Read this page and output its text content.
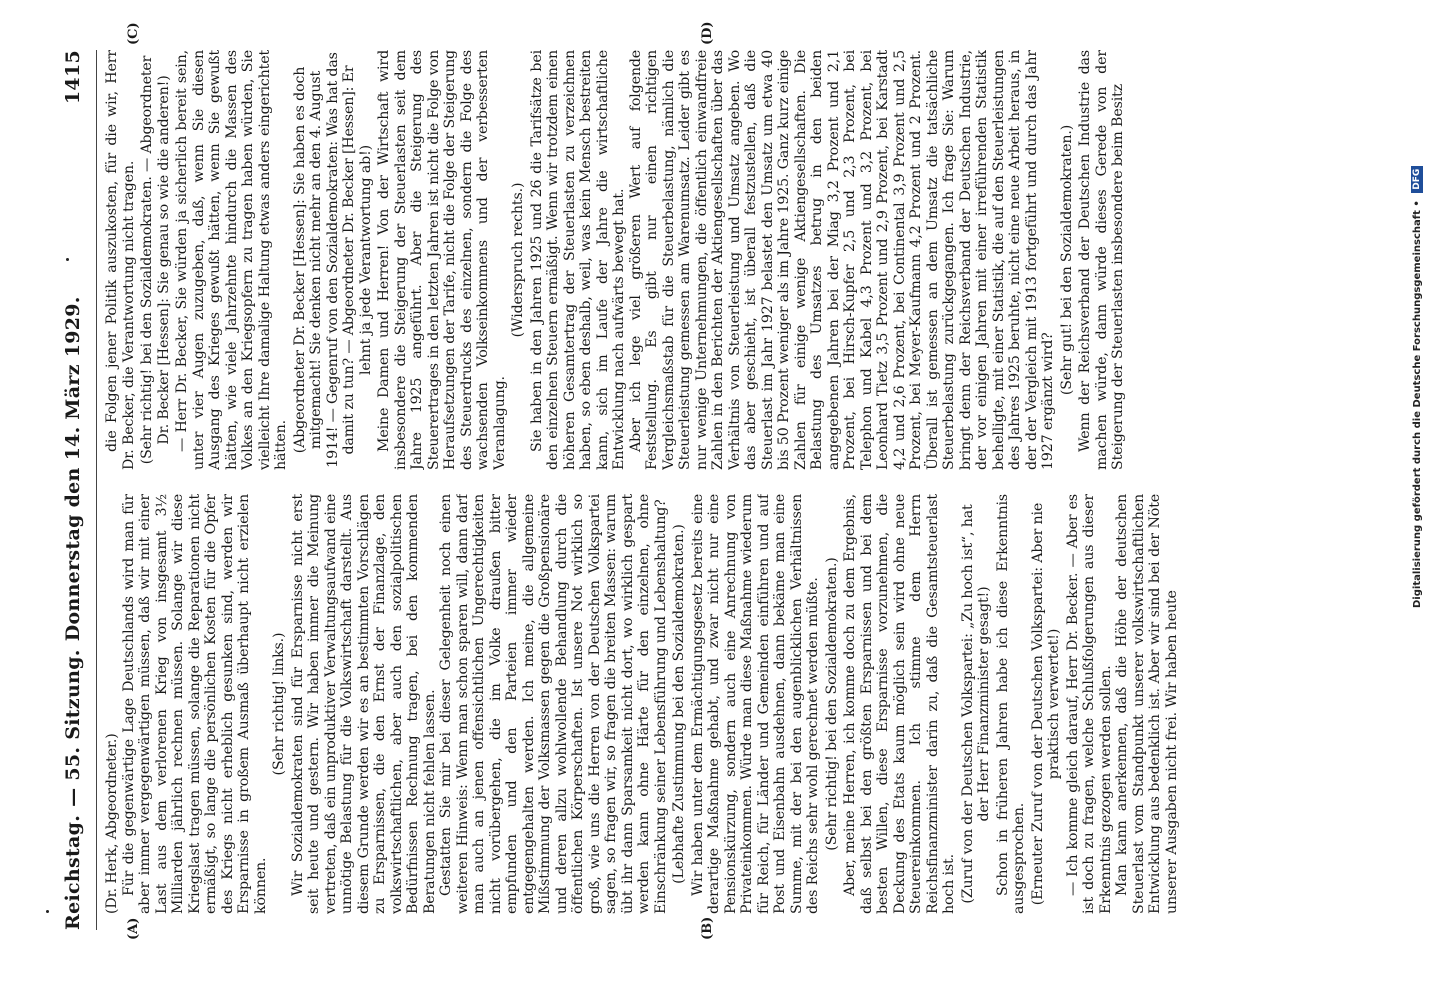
Reichstag.
— 55. Sitzung.
Donnerstag den 14. März 1929.
1415
(A)	(B)
(C)	(D)

(Dr. Herk, Abgeordneter.) Für die gegenwärtige Lage Deutschlands wird man für aber immer vergegenwärtigen müssen, daß wir mit einer Last aus dem verlorenen Krieg von insgesamt 3½ Milliarden jährlich rechnen müssen. Solange wir diese Kriegslast tragen müssen, solange die Reparationen nicht ermäßigt, so lange die persönlichen Kosten für die Opfer des Kriegs nicht erheblich gesunken sind, werden wir Ersparnisse in großem Ausmaß überhaupt nicht erzielen können.

(Sehr richtig! links.) Wir Sozialdemokraten sind für Ersparnisse nicht erst seit heute und gestern. Wir haben immer die Meinung vertreten, daß ein unproduktiver Verwaltungsaufwand eine unnötige Belastung für die Volkswirtschaft darstellt. Aus diesem Grunde werden wir es an bestimmten Vorschlägen zu Ersparnissen, die den Ernst der Finanzlage, den volkswirtschaftlichen, aber auch den sozialpolitischen Bedürfnissen Rechnung tragen, bei den kommenden Beratungen nicht fehlen lassen. Gestatten Sie mir bei dieser Gelegenheit noch einen weiteren Hinweis: Wenn man schon sparen will, dann darf man auch an jenen offensichtlichen Ungerechtigkeiten nicht vorübergehen, die im Volke draußen bitter empfunden und den Parteien immer wieder entgegengehalten werden. Ich meine, die allgemeine Mißstimmung der Volksmassen gegen die Großpensionäre und deren allzu wohlwollende Behandlung durch die öffentlichen Körperschaften. Ist unsere Not wirklich so groß, wie uns die Herren von der Deutschen Volkspartei sagen, so fragen wir, so fragen die breiten Massen: warum übt ihr dann Sparsamkeit nicht dort, wo wirklich gespart werden kann ohne Härte für den einzelnen, ohne Einschränkung seiner Lebensführung und Lebenshaltung? (Lebhafte Zustimmung bei den Sozialdemokraten.) Wir haben unter dem Ermächtigungsgesetz bereits eine derartige Maßnahme gehabt, und zwar nicht nur eine Pensionskürzung, sondern auch eine Anrechnung von Privateinkommen. Würde man diese Maßnahme wiederum für Reich, für Länder und Gemeinden einführen und auf Post und Eisenbahn ausdehnen, dann bekäme man eine Summe, mit der bei den augenblicklichen Verhältnissen des Reichs sehr wohl gerechnet werden müßte. (Sehr richtig! bei den Sozialdemokraten.) Aber, meine Herren, ich komme doch zu dem Ergebnis, daß selbst bei den größten Ersparnissen und bei dem besten Willen, diese Ersparnisse vorzunehmen, die Deckung des Etats kaum möglich sein wird ohne neue Steuereinkommen. Ich stimme dem Herrn Reichsfinanzminister darin zu, daß die Gesamtsteuerlast hoch ist. (Zuruf von der Deutschen Volkspartei: „Zu hoch ist“, hat der Herr Finanzminister gesagt!) Schon in früheren Jahren habe ich diese Erkenntnis ausgesprochen. (Erneuter Zuruf von der Deutschen Volkspartei: Aber nie praktisch verwertet!) — Ich komme gleich darauf, Herr Dr. Becker. — Aber es ist doch zu fragen, welche Schlußfolgerungen aus dieser Erkenntnis gezogen werden sollen. Man kann anerkennen, daß die Höhe der deutschen Steuerlast vom Standpunkt unserer volkswirtschaftlichen Entwicklung aus bedenklich ist. Aber wir sind bei der Nöte unserer Ausgaben nicht frei. Wir haben heute

die Folgen jener Politik auszukosten, für die wir, Herr Dr. Becker, die Verantwortung nicht tragen. (Sehr richtig! bei den Sozialdemokraten. — Abgeordneter Dr. Becker [Hessen]: Sie genau so wie die anderen!) — Herr Dr. Becker, Sie würden ja sicherlich bereit sein, unter vier Augen zuzugeben, daß, wenn Sie diesen Ausgang des Krieges gewußt hätten, wenn Sie gewußt hätten, wie viele Jahrzehnte hindurch die Massen des Volkes an den Kriegsopfern zu tragen haben würden, Sie vielleicht Ihre damalige Haltung etwas anders eingerichtet hätten. (Abgeordneter Dr. Becker [Hessen]: Sie haben es doch mitgemacht! Sie denken nicht mehr an den 4. August 1914! — Gegenruf von den Sozialdemokraten: Was hat das damit zu tun? — Abgeordneter Dr. Becker [Hessen]: Er lehnt ja jede Verantwortung ab!) Meine Damen und Herren! Von der Wirtschaft wird insbesondere die Steigerung der Steuerlasten seit dem Jahre 1925 angeführt. Aber die Steigerung des Steuerertrages in den letzten Jahren ist nicht die Folge von Heraufsetzungen der Tarife, nicht die Folge der Steigerung des Steuerdrucks des einzelnen, sondern die Folge des wachsenden Volkseinkommens und der verbesserten Veranlagung.

(Widerspruch rechts.) Sie haben in den Jahren 1925 und 26 die Tarifsätze bei den einzelnen Steuern ermäßigt. Wenn wir trotzdem einen höheren Gesamtertrag der Steuerlasten zu verzeichnen haben, so eben deshalb, weil, was kein Mensch bestreiten kann, sich im Laufe der Jahre die wirtschaftliche Entwicklung nach aufwärts bewegt hat. Aber ich lege viel größeren Wert auf folgende Feststellung. Es gibt nur einen richtigen Vergleichsmaßstab für die Steuerbelastung, nämlich die Steuerleistung gemessen am Warenumsatz. Leider gibt es nur wenige Unternehmungen, die öffentlich einwandfreie Zahlen in den Berichten der Aktiengesellschaften über das Verhältnis von Steuerleistung und Umsatz angeben. Wo das aber geschieht, ist überall festzustellen, daß die Steuerlast im Jahr 1927 belastet den Umsatz um etwa 40 bis 50 Prozent weniger als im Jahre 1925. Ganz kurz einige Zahlen für einige wenige Aktiengesellschaften. Die Belastung des Umsatzes betrug in den beiden angegebenen Jahren bei der Miag 3,2 Prozent und 2,1 Prozent, bei Hirsch-Kupfer 2,5 und 2,3 Prozent, bei Telephon und Kabel 4,3 Prozent und 3,2 Prozent, bei Leonhard Tietz 3,5 Prozent und 2,9 Prozent, bei Karstadt 4,2 und 2,6 Prozent, bei Continental 3,9 Prozent und 2,5 Prozent, bei Meyer-Kaufmann 4,2 Prozent und 2 Prozent. Überall ist gemessen an dem Umsatz die tatsächliche Steuerbelastung zurückgegangen. Ich frage Sie: Warum bringt denn der Reichsverband der Deutschen Industrie, der vor einigen Jahren mit einer irreführenden Statistik behelligte, mit einer Statistik, die auf den Steuerleistungen des Jahres 1925 beruhte, nicht eine neue Arbeit heraus, in der der Vergleich mit 1913 fortgeführt und durch das Jahr 1927 ergänzt wird?

(Sehr gut! bei den Sozialdemokraten.) Wenn der Reichsverband der Deutschen Industrie das machen würde, dann würde dieses Gerede von der Steigerung der Steuerlasten insbesondere beim Besitz	Digitalisierung gefördert durch die Deutsche Forschungsgemeinschaft • DFG
